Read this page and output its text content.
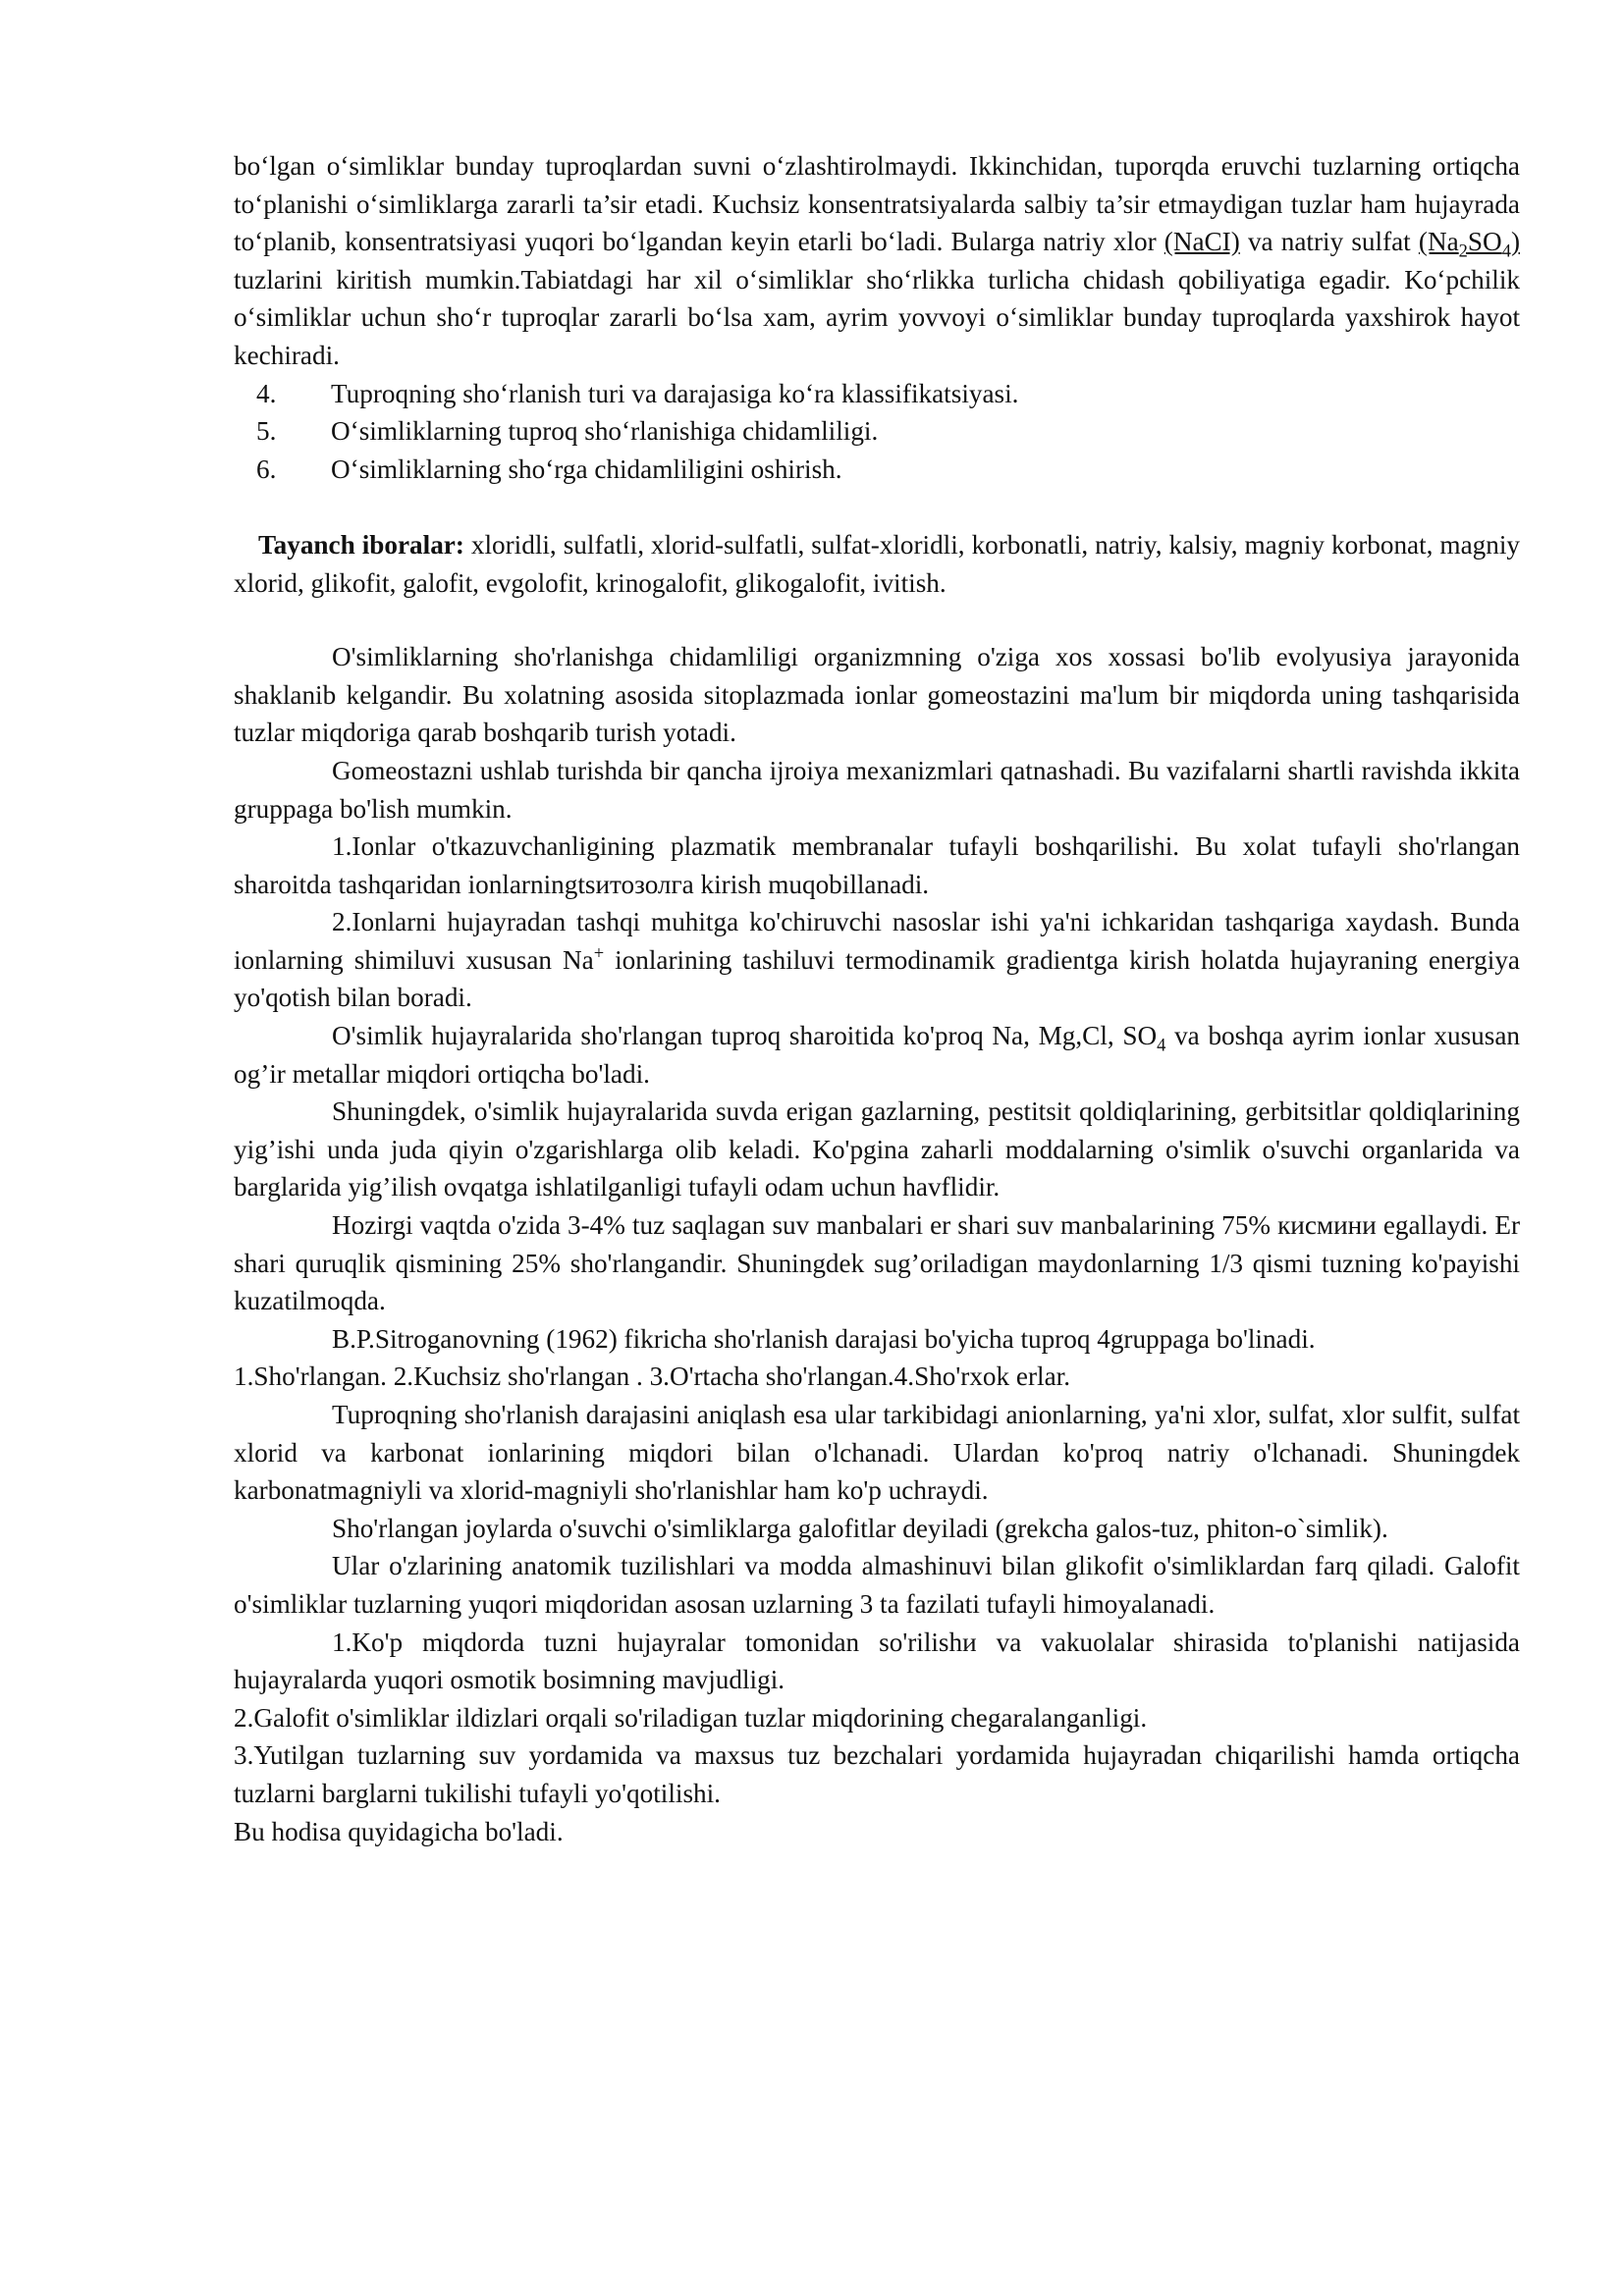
bo‘lgan o‘simliklar bunday tuproqlardan suvni o‘zlashtirolmaydi. Ikkinchidan, tuporqda eruvchi tuzlarning ortiqcha to‘planishi o‘simliklarga zararli ta’sir etadi. Kuchsiz konsentratsiyalarda salbiy ta’sir etmaydigan tuzlar ham hujayrada to‘planib, konsentratsiyasi yuqori bo‘lgandan keyin etarli bo‘ladi. Bularga natriy xlor (NaCI) va natriy sulfat $(Na_2SO_4)$ tuzlarini kiritish mumkin.Tabiatdagi har xil o‘simliklar sho‘rlikka turlicha chidash qobiliyatiga egadir. Ko‘pchilik o‘simliklar uchun sho‘r tuproqlar zararli bo‘lsa xam, ayrim yovvoyi o‘simliklar bunday tuproqlarda yaxshirok hayot kechiradi.

4.	Tuproqning sho‘rlanish turi va darajasiga ko‘ra klassifikatsiyasi.
5.	O‘simliklarning tuproq sho‘rlanishiga chidamliligi.
6.	O‘simliklarning sho‘rga chidamliligini oshirish.

Tayanch iboralar: xloridli, sulfatli, xlorid-sulfatli, sulfat-xloridli, korbonatli, natriy, kalsiy, magniy korbonat, magniy xlorid, glikofit, galofit, evgolofit, krinogalofit, glikogalofit, ivitish.

O'simliklarning sho'rlanishga chidamliligi organizmning o'ziga xos xossasi bo'lib evolyusiya jarayonida shaklanib kelgandir. Bu xolatning asosida sitoplazmada ionlar gomeostazini ma'lum bir miqdorda uning tashqarisida tuzlar miqdoriga qarab boshqarib turish yotadi.

Gomeostazni ushlab turishda bir qancha ijroiya mexanizmlari qatnashadi. Bu vazifalarni shartli ravishda ikkita gruppaga bo'lish mumkin.

1.Ionlar o'tkazuvchanligining plazmatik membranalar tufayli boshqarilishi. Bu xolat tufayli sho'rlangan sharoitda tashqaridan ionlarningtsитозолга kirish muqobillanadi.

2.Ionlarni hujayradan tashqi muhitga ko'chiruvchi nasoslar ishi ya'ni ichkaridan tashqariga xaydash. Bunda ionlarning shimiluvi xususan Na+ ionlarining tashiluvi termodinamik gradientga kirish holatda hujayraning energiya yo'qotish bilan boradi.

O'simlik hujayralarida sho'rlangan tuproq sharoitida ko'proq Na, Mg,Cl, $SO_4$ va boshqa ayrim ionlar xususan og’ir metallar miqdori ortiqcha bo'ladi.

Shuningdek, o'simlik hujayralarida suvda erigan gazlarning, pestitsit qoldiqlarining, gerbitsitlar qoldiqlarining yig’ishi unda juda qiyin o'zgarishlarga olib keladi. Ko'pgina zaharli moddalarning o'simlik o'suvchi organlarida va barglarida yig’ilish ovqatga ishlatilganligi tufayli odam uchun havflidir.

Hozirgi vaqtda o'zida 3-4% tuz saqlagan suv manbalari er shari suv manbalarining 75% кисмини egallaydi. Er shari quruqlik qismining 25% sho'rlangandir. Shuningdek sug’oriladigan maydonlarning 1/3 qismi tuzning ko'payishi kuzatilmoqda.

B.P.Sitroganovning (1962) fikricha sho'rlanish darajasi bo'yicha tuproq 4gruppaga bo'linadi.

1.Sho'rlangan. 2.Kuchsiz sho'rlangan . 3.O'rtacha sho'rlangan.4.Sho'rxok erlar.

Tuproqning sho'rlanish darajasini aniqlash esa ular tarkibidagi anionlarning, ya'ni xlor, sulfat, xlor sulfit, sulfat xlorid va karbonat ionlarining miqdori bilan o'lchanadi. Ulardan ko'proq natriy o'lchanadi. Shuningdek karbonatmagniyli va xlorid-magniyli sho'rlanishlar ham ko'p uchraydi.

Sho'rlangan joylarda o'suvchi o'simliklarga galofitlar deyiladi (grekcha galos-tuz, phiton-o`simlik).

Ular o'zlarining anatomik tuzilishlari va modda almashinuvi bilan glikofit o'simliklardan farq qiladi. Galofit o'simliklar tuzlarning yuqori miqdoridan asosan uzlarning 3 ta fazilati tufayli himoyalanadi.

1.Ko'p miqdorda tuzni hujayralar tomonidan so'rilishи va vakuolalar shirasida to'planishi natijasida hujayralarda yuqori osmotik bosimning mavjudligi.

2.Galofit o'simliklar ildizlari orqali so'riladigan tuzlar miqdorining chegaralanganligi.

3.Yutilgan tuzlarning suv yordamida va maxsus tuz bezchalari yordamida hujayradan chiqarilishi hamda ortiqcha tuzlarni barglarni tukilishi tufayli yo'qotilishi.

Bu hodisa quyidagicha bo'ladi.
